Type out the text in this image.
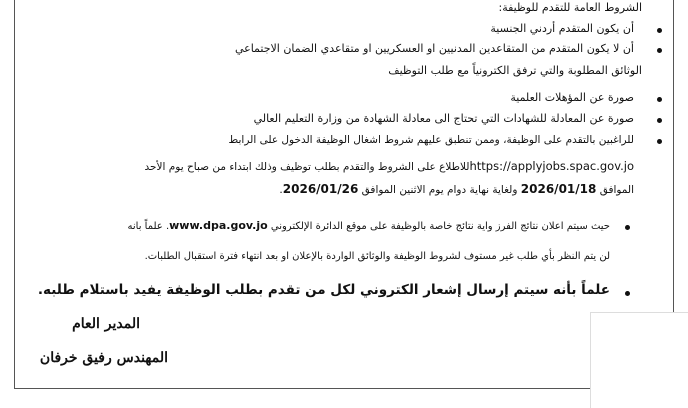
الشروط العامة للتقدم للوظيفة:
أن يكون المتقدم أردني الجنسية
أن لا يكون المتقدم من المتقاعدين المدنيين او العسكريين او متقاعدي الضمان الاجتماعي
الوثائق المطلوبة والتي ترفق الكترونياً مع طلب التوظيف
صورة عن المؤهلات العلمية
صورة عن المعادلة للشهادات التي تحتاج الى معادلة الشهادة من وزارة التعليم العالي
للراغبين بالتقدم على الوظيفة، وممن تنطبق عليهم شروط اشغال الوظيفة الدخول على الرابط
https://applyjobs.spac.gov.joللاطلاع على الشروط والتقدم بطلب توظيف وذلك ابتداء من صباح يوم الأحد
الموافق 2026/01/18 ولغاية نهاية دوام يوم الاثنين الموافق 2026/01/26.
حيث سيتم اعلان نتائج الفرز واية نتائج خاصة بالوظيفة على موقع الدائرة الإلكتروني www.dpa.gov.jo. علماً بانه
لن يتم النظر بأي طلب غير مستوف لشروط الوظيفة والوثائق الواردة بالإعلان او بعد انتهاء فترة استقبال الطلبات.
علماً بأنه سيتم إرسال إشعار الكتروني لكل من تقدم بطلب الوظيفة يفيد باستلام طلبه.
المدير العام
المهندس رفيق خرفان
